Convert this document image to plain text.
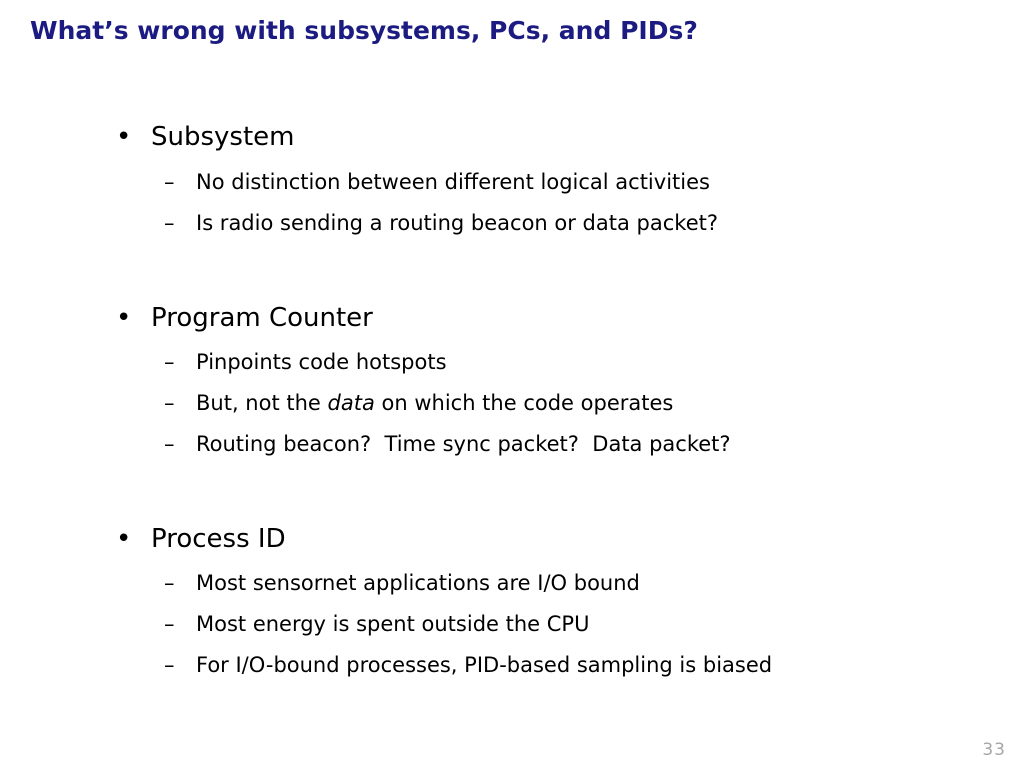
What’s wrong with subsystems, PCs, and PIDs?
• Subsystem
– No distinction between different logical activities
– Is radio sending a routing beacon or data packet?
• Program Counter
– Pinpoints code hotspots
– But, not the data on which the code operates
– Routing beacon?  Time sync packet?  Data packet?
• Process ID
– Most sensornet applications are I/O bound
– Most energy is spent outside the CPU
– For I/O-bound processes, PID-based sampling is biased
33
